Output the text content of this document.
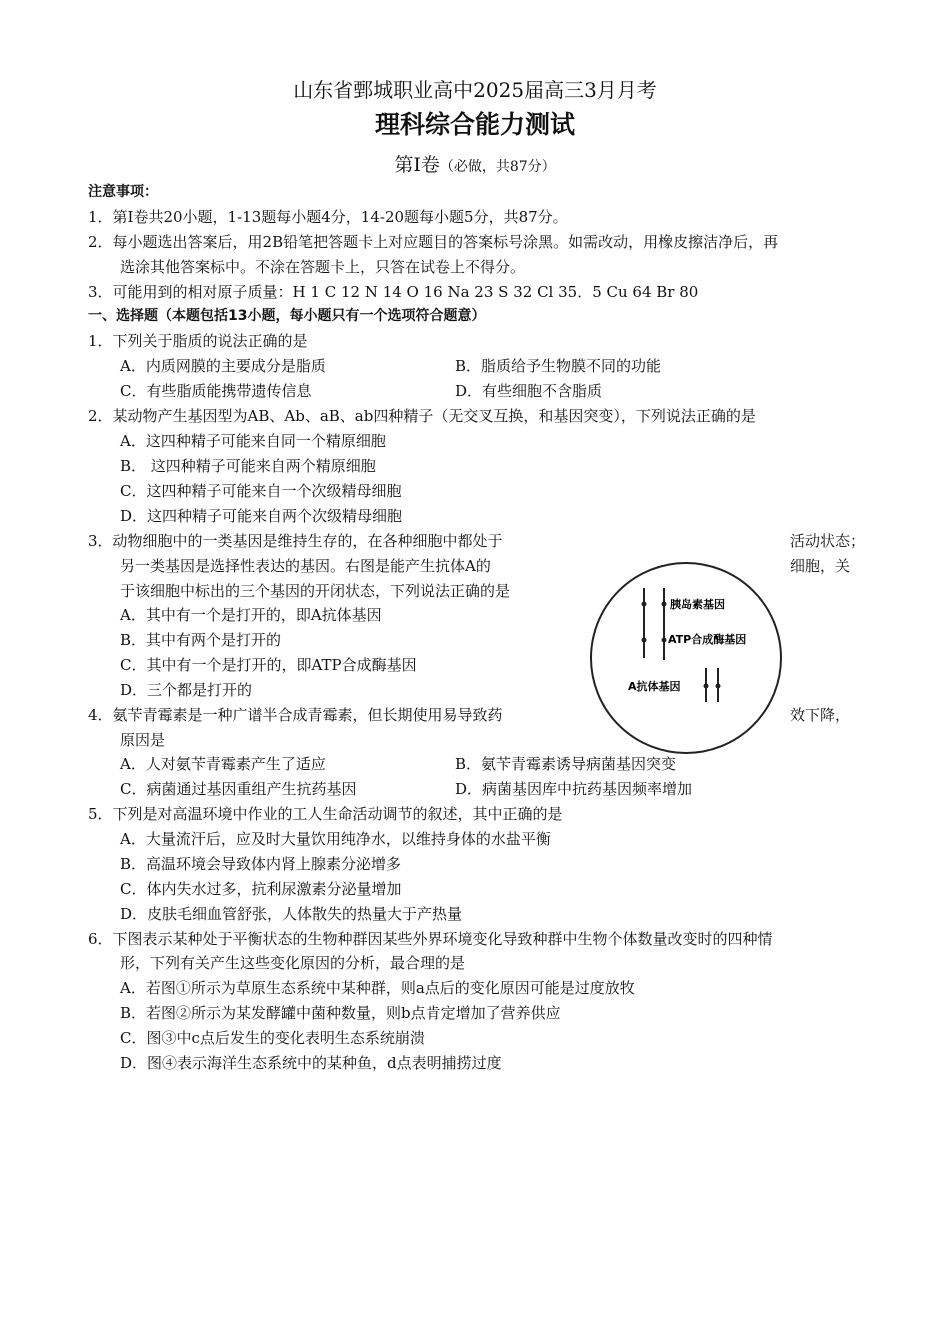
山东省鄄城职业高中2025届高三3月月考
理科综合能力测试
第Ⅰ卷（必做，共87分）
注意事项：
1．第Ⅰ卷共20小题，1-13题每小题4分，14-20题每小题5分，共87分。
2．每小题选出答案后，用2B铅笔把答题卡上对应题目的答案标号涂黑。如需改动，用橡皮擦洁净后，再
选涂其他答案标中。不涂在答题卡上，只答在试卷上不得分。
3．可能用到的相对原子质量：H 1 C 12 N 14 O 16 Na 23 S 32 Cl 35．5 Cu 64 Br 80
一、选择题（本题包括13小题，每小题只有一个选项符合题意）
1．下列关于脂质的说法正确的是
A．内质网膜的主要成分是脂质	B．脂质给予生物膜不同的功能
C．有些脂质能携带遗传信息	D．有些细胞不含脂质
2．某动物产生基因型为AB、Ab、aB、ab四种精子（无交叉互换，和基因突变），下列说法正确的是
A．这四种精子可能来自同一个精原细胞
B． 这四种精子可能来自两个精原细胞
C．这四种精子可能来自一个次级精母细胞
D．这四种精子可能来自两个次级精母细胞
3．动物细胞中的一类基因是维持生存的，在各种细胞中都处于	活动状态；
另一类基因是选择性表达的基因。右图是能产生抗体A的	细胞，关
于该细胞中标出的三个基因的开闭状态，下列说法正确的是
A．其中有一个是打开的，即A抗体基因
B．其中有两个是打开的
C．其中有一个是打开的，即ATP合成酶基因
D．三个都是打开的
胰岛素基因
ATP合成酶基因
A抗体基因
4．氨苄青霉素是一种广谱半合成青霉素，但长期使用易导致药	效下降，
原因是
A．人对氨苄青霉素产生了适应	B．氨苄青霉素诱导病菌基因突变
C．病菌通过基因重组产生抗药基因	D．病菌基因库中抗药基因频率增加
5．下列是对高温环境中作业的工人生命活动调节的叙述，其中正确的是
A．大量流汗后，应及时大量饮用纯净水，以维持身体的水盐平衡
B．高温环境会导致体内肾上腺素分泌增多
C．体内失水过多，抗利尿激素分泌量增加
D．皮肤毛细血管舒张，人体散失的热量大于产热量
6．下图表示某种处于平衡状态的生物种群因某些外界环境变化导致种群中生物个体数量改变时的四种情
形，下列有关产生这些变化原因的分析，最合理的是
A．若图①所示为草原生态系统中某种群，则a点后的变化原因可能是过度放牧
B．若图②所示为某发酵罐中菌种数量，则b点肯定增加了营养供应
C．图③中c点后发生的变化表明生态系统崩溃
D．图④表示海洋生态系统中的某种鱼，d点表明捕捞过度
